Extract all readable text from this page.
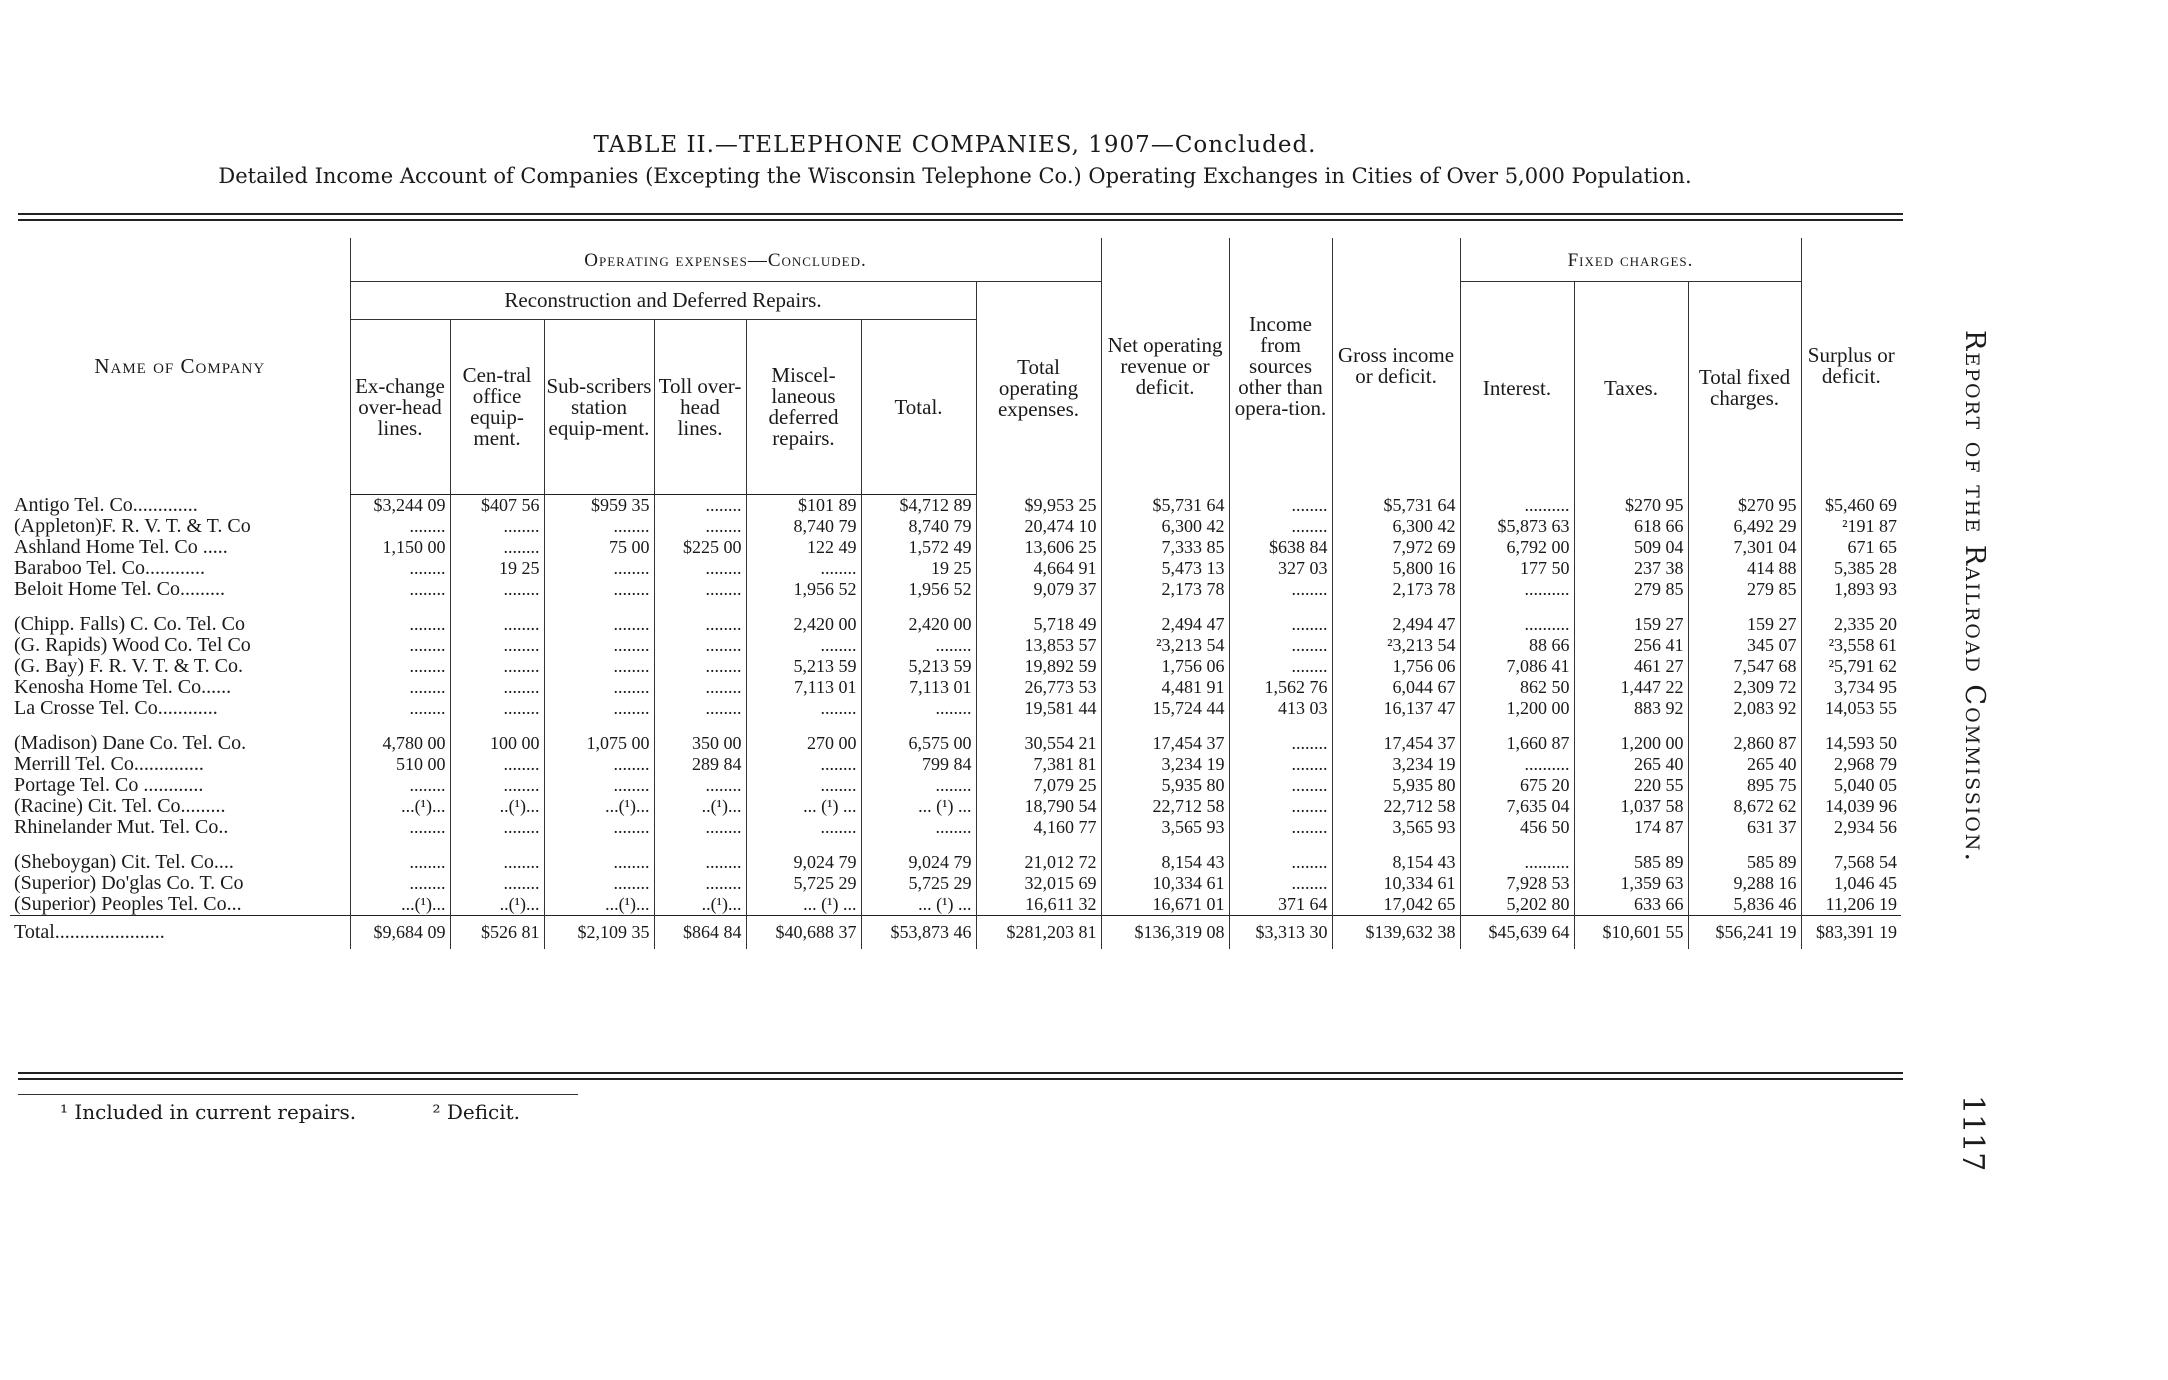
TABLE II.—TELEPHONE COMPANIES, 1907—Concluded.
Detailed Income Account of Companies (Excepting the Wisconsin Telephone Co.) Operating Exchanges in Cities of Over 5,000 Population.
Name of Company	Operating expenses—Concluded.							Net operating revenue or deficit.	Income from sources other than opera-tion.	Gross income or deficit.	Fixed charges.			Surplus or deficit.
	Reconstruction and Deferred Repairs.						Total operating expenses.				Interest.	Taxes.	Total fixed charges.	
	Ex-change over-head lines.	Cen-tral office equip-ment.	Sub-scribers station equip-ment.	Toll over-head lines.	Miscel-laneous deferred repairs.	Total.								
Antigo Tel. Co.............	$3,244 09	$407 56	$959 35	........	$101 89	$4,712 89	$9,953 25	$5,731 64	........	$5,731 64	..........	$270 95	$270 95	$5,460 69
(Appleton)F. R. V. T. & T. Co	........	........	........	........	8,740 79	8,740 79	20,474 10	6,300 42	........	6,300 42	$5,873 63	618 66	6,492 29	²191 87
Ashland Home Tel. Co .....	1,150 00	........	75 00	$225 00	122 49	1,572 49	13,606 25	7,333 85	$638 84	7,972 69	6,792 00	509 04	7,301 04	671 65
Baraboo Tel. Co............	........	19 25	........	........	........	19 25	4,664 91	5,473 13	327 03	5,800 16	177 50	237 38	414 88	5,385 28
Beloit Home Tel. Co.........	........	........	........	........	1,956 52	1,956 52	9,079 37	2,173 78	........	2,173 78	..........	279 85	279 85	1,893 93

(Chipp. Falls) C. Co. Tel. Co	........	........	........	........	2,420 00	2,420 00	5,718 49	2,494 47	........	2,494 47	..........	159 27	159 27	2,335 20
(G. Rapids) Wood Co. Tel Co	........	........	........	........	........	........	13,853 57	²3,213 54	........	²3,213 54	88 66	256 41	345 07	²3,558 61
(G. Bay) F. R. V. T. & T. Co.	........	........	........	........	5,213 59	5,213 59	19,892 59	1,756 06	........	1,756 06	7,086 41	461 27	7,547 68	²5,791 62
Kenosha Home Tel. Co......	........	........	........	........	7,113 01	7,113 01	26,773 53	4,481 91	1,562 76	6,044 67	862 50	1,447 22	2,309 72	3,734 95
La Crosse Tel. Co............	........	........	........	........	........	........	19,581 44	15,724 44	413 03	16,137 47	1,200 00	883 92	2,083 92	14,053 55

(Madison) Dane Co. Tel. Co.	4,780 00	100 00	1,075 00	350 00	270 00	6,575 00	30,554 21	17,454 37	........	17,454 37	1,660 87	1,200 00	2,860 87	14,593 50
Merrill Tel. Co..............	510 00	........	........	289 84	........	799 84	7,381 81	3,234 19	........	3,234 19	..........	265 40	265 40	2,968 79
Portage Tel. Co ............	........	........	........	........	........	........	7,079 25	5,935 80	........	5,935 80	675 20	220 55	895 75	5,040 05
(Racine) Cit. Tel. Co.........	...(¹)...	..(¹)...	...(¹)...	..(¹)...	... (¹) ...	... (¹) ...	18,790 54	22,712 58	........	22,712 58	7,635 04	1,037 58	8,672 62	14,039 96
Rhinelander Mut. Tel. Co..	........	........	........	........	........	........	4,160 77	3,565 93	........	3,565 93	456 50	174 87	631 37	2,934 56

(Sheboygan) Cit. Tel. Co....	........	........	........	........	9,024 79	9,024 79	21,012 72	8,154 43	........	8,154 43	..........	585 89	585 89	7,568 54
(Superior) Do'glas Co. T. Co	........	........	........	........	5,725 29	5,725 29	32,015 69	10,334 61	........	10,334 61	7,928 53	1,359 63	9,288 16	1,046 45
(Superior) Peoples Tel. Co...	...(¹)...	..(¹)...	...(¹)...	..(¹)...	... (¹) ...	... (¹) ...	16,611 32	16,671 01	371 64	17,042 65	5,202 80	633 66	5,836 46	11,206 19
Total......................	$9,684 09	$526 81	$2,109 35	$864 84	$40,688 37	$53,873 46	$281,203 81	$136,319 08	$3,313 30	$139,632 38	$45,639 64	$10,601 55	$56,241 19	$83,391 19
¹ Included in current repairs.	² Deficit.
Report of the Railroad Commission.
1117
